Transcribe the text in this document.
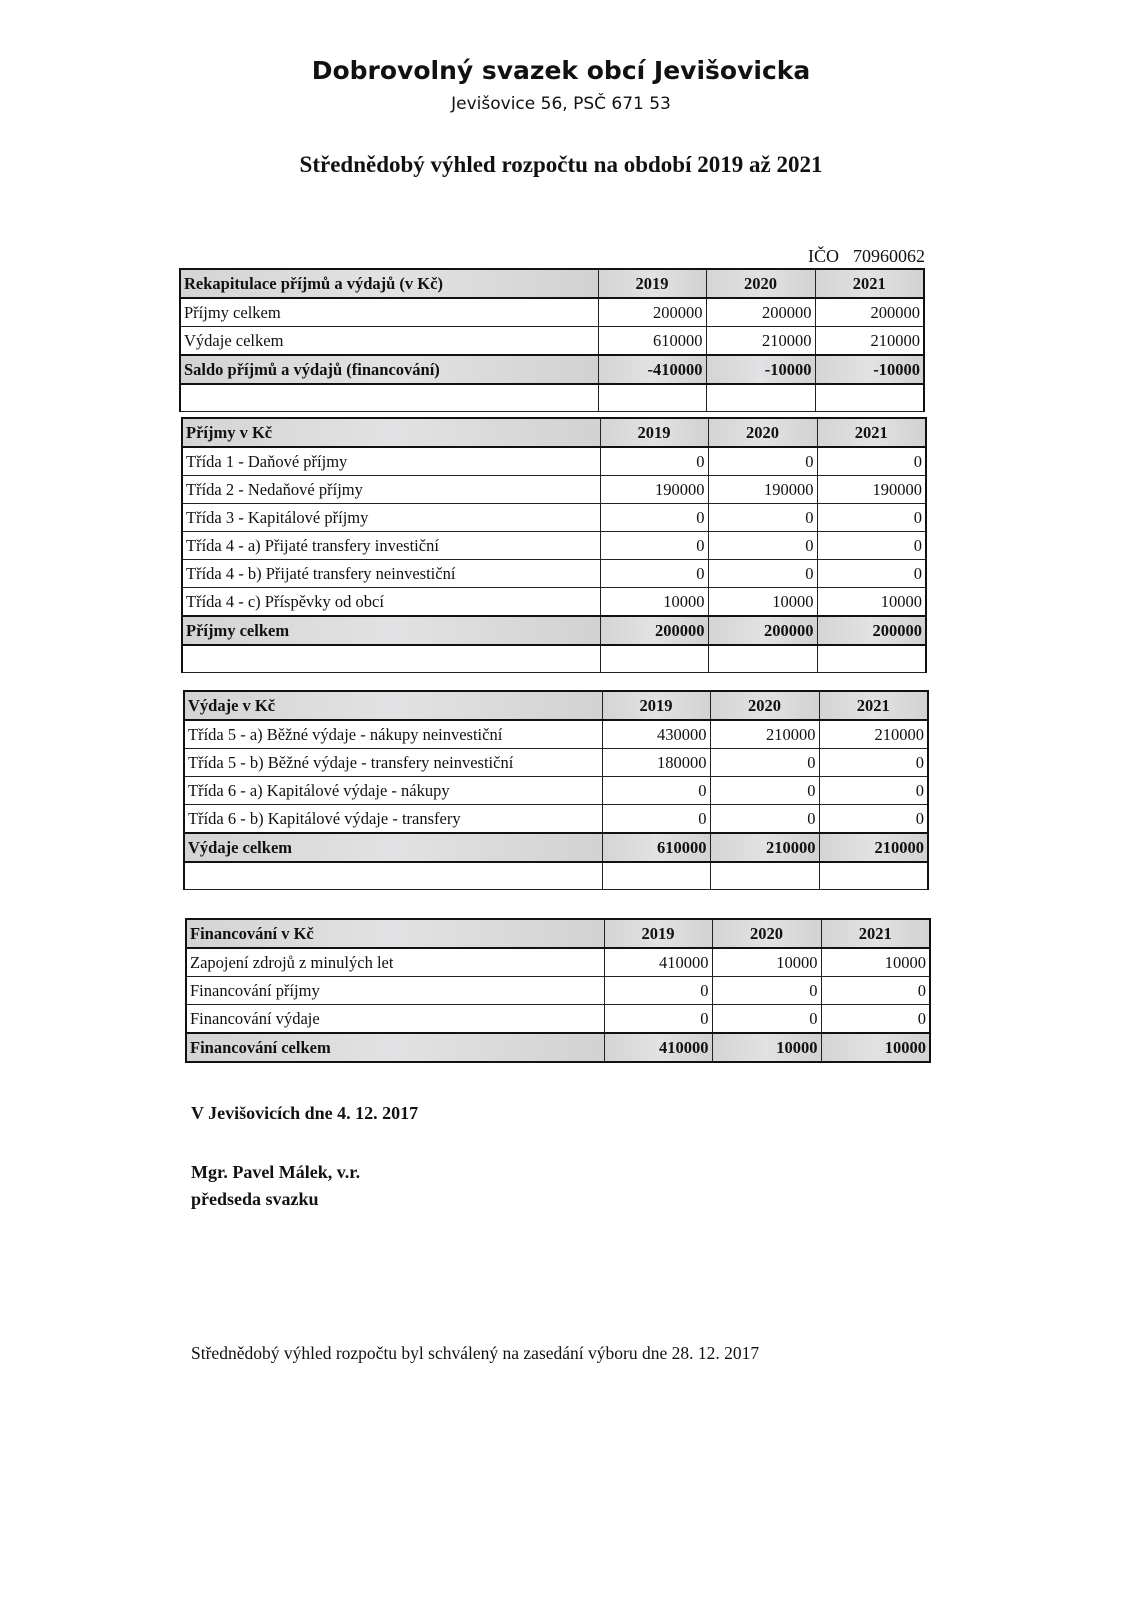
Dobrovolný svazek obcí Jevišovicka
Jevišovice 56, PSČ 671 53
Střednědobý výhled rozpočtu na období 2019 až 2021
IČO 70960062
Rekapitulace příjmů a výdajů (v Kč)	2019	2020	2021
Příjmy celkem	200000	200000	200000
Výdaje celkem	610000	210000	210000
Saldo příjmů a výdajů (financování)	-410000	-10000	-10000

Příjmy v Kč	2019	2020	2021
Třída 1 - Daňové příjmy	0	0	0
Třída 2 - Nedaňové příjmy	190000	190000	190000
Třída 3 - Kapitálové příjmy	0	0	0
Třída 4 - a) Přijaté transfery investiční	0	0	0
Třída 4 - b) Přijaté transfery neinvestiční	0	0	0
Třída 4 - c) Příspěvky od obcí	10000	10000	10000
Příjmy celkem	200000	200000	200000

Výdaje v Kč	2019	2020	2021
Třída 5 - a) Běžné výdaje - nákupy neinvestiční	430000	210000	210000
Třída 5 - b) Běžné výdaje - transfery neinvestiční	180000	0	0
Třída 6 - a) Kapitálové výdaje - nákupy	0	0	0
Třída 6 - b) Kapitálové výdaje - transfery	0	0	0
Výdaje celkem	610000	210000	210000

Financování v Kč	2019	2020	2021
Zapojení zdrojů z minulých let	410000	10000	10000
Financování příjmy	0	0	0
Financování výdaje	0	0	0
Financování celkem	410000	10000	10000
V Jevišovicích dne 4. 12. 2017
Mgr. Pavel Málek, v.r.
předseda svazku
Střednědobý výhled rozpočtu byl schválený na zasedání výboru dne 28. 12. 2017
